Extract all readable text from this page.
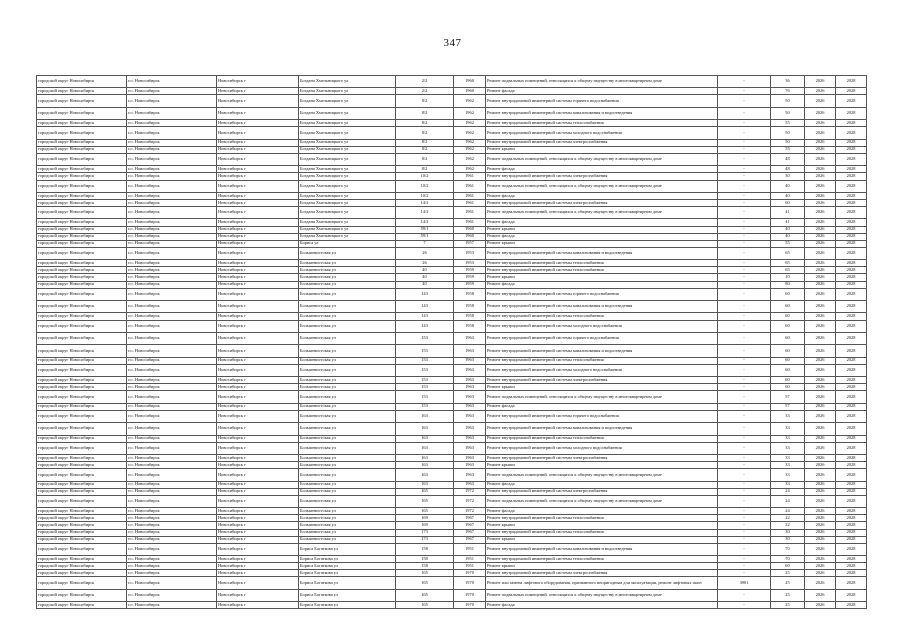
347
городской округ Новосибирск	г.о. Новосибирск	Новосибирск г	Богдана Хмельницкого ул	2/2	1960	Ремонт подвальных помещений, относящихся к общему имуществу в многоквартирном доме	-	36	2026	2028
городской округ Новосибирск	г.о. Новосибирск	Новосибирск г	Богдана Хмельницкого ул	2/2	1960	Ремонт фасада	-	76	2026	2028
городской округ Новосибирск	г.о. Новосибирск	Новосибирск г	Богдана Хмельницкого ул	8/2	1962	Ремонт внутридомовой инженерной системы горячего водоснабжения	-	50	2026	2028
городской округ Новосибирск	г.о. Новосибирск	Новосибирск г	Богдана Хмельницкого ул	8/2	1962	Ремонт внутридомовой инженерной системы канализования и водоотведения	-	50	2026	2028
городской округ Новосибирск	г.о. Новосибирск	Новосибирск г	Богдана Хмельницкого ул	8/2	1962	Ремонт внутридомовой инженерной системы теплоснабжения	-	55	2026	2028
городской округ Новосибирск	г.о. Новосибирск	Новосибирск г	Богдана Хмельницкого ул	8/2	1962	Ремонт внутридомовой инженерной системы холодного водоснабжения	-	50	2026	2028
городской округ Новосибирск	г.о. Новосибирск	Новосибирск г	Богдана Хмельницкого ул	8/2	1962	Ремонт внутридомовой инженерной системы электроснабжения	-	50	2026	2028
городской округ Новосибирск	г.о. Новосибирск	Новосибирск г	Богдана Хмельницкого ул	8/2	1962	Ремонт крыши	-	55	2026	2028
городской округ Новосибирск	г.о. Новосибирск	Новосибирск г	Богдана Хмельницкого ул	8/2	1962	Ремонт подвальных помещений, относящихся к общему имуществу в многоквартирном доме	-	48	2026	2028
городской округ Новосибирск	г.о. Новосибирск	Новосибирск г	Богдана Хмельницкого ул	8/2	1962	Ремонт фасада	-	48	2026	2028
городской округ Новосибирск	г.о. Новосибирск	Новосибирск г	Богдана Хмельницкого ул	10/2	1961	Ремонт внутридомовой инженерной системы электроснабжения	-	30	2026	2028
городской округ Новосибирск	г.о. Новосибирск	Новосибирск г	Богдана Хмельницкого ул	10/2	1961	Ремонт подвальных помещений, относящихся к общему имуществу в многоквартирном доме	-	40	2026	2028
городской округ Новосибирск	г.о. Новосибирск	Новосибирск г	Богдана Хмельницкого ул	10/2	1961	Ремонт фасада	-	40	2026	2028
городской округ Новосибирск	г.о. Новосибирск	Новосибирск г	Богдана Хмельницкого ул	14/2	1961	Ремонт внутридомовой инженерной системы электроснабжения	-	60	2026	2028
городской округ Новосибирск	г.о. Новосибирск	Новосибирск г	Богдана Хмельницкого ул	14/2	1961	Ремонт подвальных помещений, относящихся к общему имуществу в многоквартирном доме	-	41	2026	2028
городской округ Новосибирск	г.о. Новосибирск	Новосибирск г	Богдана Хмельницкого ул	14/2	1961	Ремонт фасада	-	41	2026	2028
городской округ Новосибирск	г.о. Новосибирск	Новосибирск г	Богдана Хмельницкого ул	59/1	1960	Ремонт крыши	-	40	2026	2028
городской округ Новосибирск	г.о. Новосибирск	Новосибирск г	Богдана Хмельницкого ул	59/1	1960	Ремонт фасада	-	40	2026	2028
городской округ Новосибирск	г.о. Новосибирск	Новосибирск г	Бориса ул	7	1957	Ремонт крыши	-	55	2026	2028
городской округ Новосибирск	г.о. Новосибирск	Новосибирск г	Большевистская ул	26	1953	Ремонт внутридомовой инженерной системы канализования и водоотведения	-	65	2026	2028
городской округ Новосибирск	г.о. Новосибирск	Новосибирск г	Большевистская ул	26	1953	Ремонт внутридомовой инженерной системы теплоснабжения	-	65	2026	2028
городской округ Новосибирск	г.о. Новосибирск	Новосибирск г	Большевистская ул	40	1959	Ремонт внутридомовой инженерной системы теплоснабжения	-	65	2026	2028
городской округ Новосибирск	г.о. Новосибирск	Новосибирск г	Большевистская ул	40	1959	Ремонт крыши	-	10	2026	2028
городской округ Новосибирск	г.о. Новосибирск	Новосибирск г	Большевистская ул	40	1959	Ремонт фасада	-	80	2026	2028
городской округ Новосибирск	г.о. Новосибирск	Новосибирск г	Большевистская ул	143	1958	Ремонт внутридомовой инженерной системы горячего водоснабжения	-	60	2026	2028
городской округ Новосибирск	г.о. Новосибирск	Новосибирск г	Большевистская ул	143	1958	Ремонт внутридомовой инженерной системы канализования и водоотведения	-	60	2026	2028
городской округ Новосибирск	г.о. Новосибирск	Новосибирск г	Большевистская ул	143	1958	Ремонт внутридомовой инженерной системы теплоснабжения	-	60	2026	2028
городской округ Новосибирск	г.о. Новосибирск	Новосибирск г	Большевистская ул	143	1958	Ремонт внутридомовой инженерной системы холодного водоснабжения	-	60	2026	2028
городской округ Новосибирск	г.о. Новосибирск	Новосибирск г	Большевистская ул	153	1963	Ремонт внутридомовой инженерной системы горячего водоснабжения	-	60	2026	2028
городской округ Новосибирск	г.о. Новосибирск	Новосибирск г	Большевистская ул	153	1963	Ремонт внутридомовой инженерной системы канализования и водоотведения	-	60	2026	2028
городской округ Новосибирск	г.о. Новосибирск	Новосибирск г	Большевистская ул	153	1963	Ремонт внутридомовой инженерной системы теплоснабжения	-	60	2026	2028
городской округ Новосибирск	г.о. Новосибирск	Новосибирск г	Большевистская ул	153	1963	Ремонт внутридомовой инженерной системы холодного водоснабжения	-	60	2026	2028
городской округ Новосибирск	г.о. Новосибирск	Новосибирск г	Большевистская ул	153	1963	Ремонт внутридомовой инженерной системы электроснабжения	-	60	2026	2028
городской округ Новосибирск	г.о. Новосибирск	Новосибирск г	Большевистская ул	153	1963	Ремонт крыши	-	60	2026	2028
городской округ Новосибирск	г.о. Новосибирск	Новосибирск г	Большевистская ул	153	1963	Ремонт подвальных помещений, относящихся к общему имуществу в многоквартирном доме	-	57	2026	2028
городской округ Новосибирск	г.о. Новосибирск	Новосибирск г	Большевистская ул	153	1963	Ремонт фасада	-	57	2026	2028
городской округ Новосибирск	г.о. Новосибирск	Новосибирск г	Большевистская ул	163	1963	Ремонт внутридомовой инженерной системы горячего водоснабжения	-	33	2026	2028
городской округ Новосибирск	г.о. Новосибирск	Новосибирск г	Большевистская ул	163	1963	Ремонт внутридомовой инженерной системы канализования и водоотведения	-	33	2026	2028
городской округ Новосибирск	г.о. Новосибирск	Новосибирск г	Большевистская ул	163	1963	Ремонт внутридомовой инженерной системы теплоснабжения	-	33	2026	2028
городской округ Новосибирск	г.о. Новосибирск	Новосибирск г	Большевистская ул	163	1963	Ремонт внутридомовой инженерной системы холодного водоснабжения	-	33	2026	2028
городской округ Новосибирск	г.о. Новосибирск	Новосибирск г	Большевистская ул	163	1963	Ремонт внутридомовой инженерной системы электроснабжения	-	33	2026	2028
городской округ Новосибирск	г.о. Новосибирск	Новосибирск г	Большевистская ул	163	1963	Ремонт крыши	-	33	2026	2028
городской округ Новосибирск	г.о. Новосибирск	Новосибирск г	Большевистская ул	163	1963	Ремонт подвальных помещений, относящихся к общему имуществу в многоквартирном доме	-	33	2026	2028
городской округ Новосибирск	г.о. Новосибирск	Новосибирск г	Большевистская ул	163	1963	Ремонт фасада	-	33	2026	2028
городской округ Новосибирск	г.о. Новосибирск	Новосибирск г	Большевистская ул	165	1972	Ремонт внутридомовой инженерной системы электроснабжения	-	24	2026	2028
городской округ Новосибирск	г.о. Новосибирск	Новосибирск г	Большевистская ул	165	1972	Ремонт подвальных помещений, относящихся к общему имуществу в многоквартирном доме	-	24	2026	2028
городской округ Новосибирск	г.о. Новосибирск	Новосибирск г	Большевистская ул	165	1972	Ремонт фасада	-	24	2026	2028
городской округ Новосибирск	г.о. Новосибирск	Новосибирск г	Большевистская ул	169	1967	Ремонт внутридомовой инженерной системы теплоснабжения	-	22	2026	2028
городской округ Новосибирск	г.о. Новосибирск	Новосибирск г	Большевистская ул	169	1967	Ремонт крыши	-	22	2026	2028
городской округ Новосибирск	г.о. Новосибирск	Новосибирск г	Большевистская ул	173	1967	Ремонт внутридомовой инженерной системы теплоснабжения	-	30	2026	2028
городской округ Новосибирск	г.о. Новосибирск	Новосибирск г	Большевистская ул	173	1967	Ремонт крыши	-	30	2026	2028
городской округ Новосибирск	г.о. Новосибирск	Новосибирск г	Бориса Богаткова ул	158	1951	Ремонт внутридомовой инженерной системы канализования и водоотведения	-	70	2026	2028
городской округ Новосибирск	г.о. Новосибирск	Новосибирск г	Бориса Богаткова ул	158	1951	Ремонт внутридомовой инженерной системы теплоснабжения	-	70	2026	2028
городской округ Новосибирск	г.о. Новосибирск	Новосибирск г	Бориса Богаткова ул	158	1951	Ремонт крыши	-	60	2026	2028
городской округ Новосибирск	г.о. Новосибирск	Новосибирск г	Бориса Богаткова ул	165	1970	Ремонт внутридомовой инженерной системы электроснабжения	-	25	2026	2028
городской округ Новосибирск	г.о. Новосибирск	Новосибирск г	Бориса Богаткова ул	165	1970	Ремонт или замена лифтового оборудования, признанного непригодным для эксплуатации, ремонт лифтовых шахт	3901	25	2026	2028
городской округ Новосибирск	г.о. Новосибирск	Новосибирск г	Бориса Богаткова ул	165	1970	Ремонт подвальных помещений, относящихся к общему имуществу в многоквартирном доме	-	25	2026	2028
городской округ Новосибирск	г.о. Новосибирск	Новосибирск г	Бориса Богаткова ул	165	1970	Ремонт фасада	-	25	2026	2028
